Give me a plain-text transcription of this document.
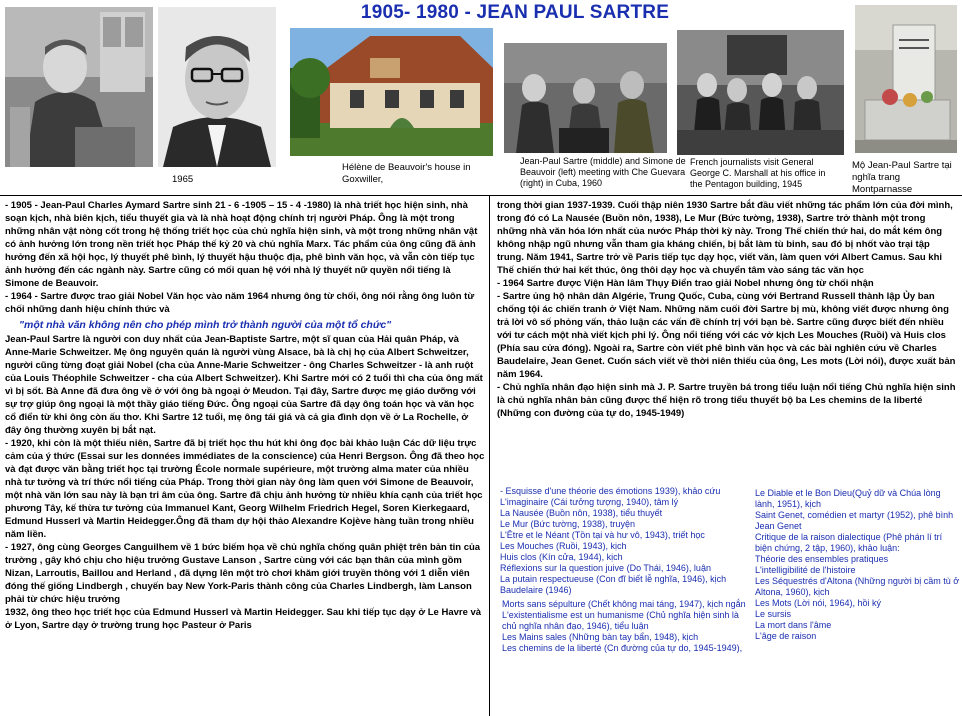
1905- 1980 - JEAN PAUL SARTRE
1965
Hélène de Beauvoir's house in Goxwiller,
Jean-Paul Sartre (middle) and Simone de Beauvoir (left) meeting with Che Guevara (right) in Cuba, 1960
French journalists visit General George C. Marshall at his office in the Pentagon building, 1945
Mộ Jean-Paul Sartre tại nghĩa trang Montparnasse

- 1905 - Jean-Paul Charles Aymard Sartre sinh 21 - 6 -1905 – 15 - 4 -1980) là nhà triết học hiện sinh, nhà soạn kịch, nhà biên kịch, tiểu thuyết gia và là nhà hoạt động chính trị người Pháp. Ông là một trong những nhân vật nòng cốt trong hệ thống triết học của chủ nghĩa hiện sinh, và một trong những nhân vật có ảnh hưởng lớn trong nền triết học Pháp thế kỷ 20 và chủ nghĩa Marx. Tác phẩm của ông cũng đã ảnh hưởng đến xã hội học, lý thuyết phê bình, lý thuyết hậu thuộc địa, phê bình văn học, và vẫn còn tiếp tục ảnh hưởng đến các ngành này. Sartre cũng có mối quan hệ với nhà lý thuyết nữ quyền nổi tiếng là Simone de Beauvoir.

- 1964 - Sartre được trao giải Nobel Văn học vào năm 1964 nhưng ông từ chối, ông nói rằng ông luôn từ chối những danh hiệu chính thức và

"một nhà văn không nên cho phép mình trở thành người của một tổ chức"

Jean-Paul Sartre là người con duy nhất của Jean-Baptiste Sartre, một sĩ quan của Hải quân Pháp, và Anne-Marie Schweitzer. Mẹ ông nguyên quán là người vùng Alsace, bà là chị họ của Albert Schweitzer, người cũng từng đoạt giải Nobel (cha của Anne-Marie Schweitzer - ông Charles Schweitzer - là anh ruột của Louis Théophile Schweitzer - cha của Albert Schweitzer). Khi Sartre mới có 2 tuổi thì cha của ông mất vì bị sốt. Bà Anne đã đưa ông về ở với ông bà ngoại ở Meudon. Tại đây, Sartre được mẹ giáo dưỡng với sự trợ giúp ông ngoại là một thầy giáo tiếng Đức. Ông ngoại của Sartre đã dạy ông toán học và văn học cổ điển từ khi ông còn ấu thơ. Khi Sartre 12 tuổi, mẹ ông tái giá và cả gia đình dọn về ở La Rochelle, ở đây ông thường xuyên bị bắt nạt.

- 1920, khi còn là một thiếu niên, Sartre đã bị triết học thu hút khi ông đọc bài khảo luận Các dữ liệu trực cảm của ý thức (Essai sur les données immédiates de la conscience) của Henri Bergson. Ông đã theo học và đạt được văn bằng triết học tại trường École normale supérieure, một trường alma mater của nhiều nhà tư tưởng và trí thức nổi tiếng của Pháp. Trong thời gian này ông làm quen với Simone de Beauvoir, một nhà văn lớn sau này là bạn tri âm của ông. Sartre đã chịu ảnh hưởng từ nhiều khía cạnh của triết học phương Tây, kế thừa tư tưởng của Immanuel Kant, Georg Wilhelm Friedrich Hegel, Soren Kierkegaard, Edmund Husserl và Martin Heidegger.Ông đã tham dự hội thảo Alexandre Kojève hàng tuần trong nhiều năm liền.

- 1927, ông cùng Georges Canguilhem về 1 bức biếm họa về chủ nghĩa chống quân phiệt trên bản tin của trường , gây khó chịu cho hiệu trưởng Gustave Lanson , Sartre cùng với các bạn thân của mình gồm Nizan, Larroutis, Baillou and Herland , đã dựng lên một trò chơi khăm giới truyền thông với 1 diễn viên đóng thế giống Lindbergh , chuyến bay New York-Paris thành công của Charles Lindbergh, làm Lanson phải từ chức hiệu trưởng

1932, ông theo học triết học của Edmund Husserl và Martin Heidegger. Sau khi tiếp tục dạy ở Le Havre và ở Lyon, Sartre dạy ở trường trung học Pasteur ở Paris

trong thời gian 1937-1939. Cuối thập niên 1930 Sartre bắt đầu viết những tác phẩm lớn của đời mình, trong đó có La Nausée (Buồn nôn, 1938), Le Mur (Bức tường, 1938), Sartre trở thành một trong những nhà văn hóa lớn nhất của nước Pháp thời kỳ này. Trong Thế chiến thứ hai, do mắt kém ông không nhập ngũ nhưng vẫn tham gia kháng chiến, bị bắt làm tù binh, sau đó bị nhốt vào trại tập trung. Năm 1941, Sartre trở về Paris tiếp tục dạy học, viết văn, làm quen với Albert Camus. Sau khi Thế chiến thứ hai kết thúc, ông thôi dạy học và chuyển tâm vào sáng tác văn học

- 1964 Sartre được Viện Hàn lâm Thụy Điển trao giải Nobel nhưng ông từ chối nhận

- Sartre ủng hộ nhân dân Algérie, Trung Quốc, Cuba, cùng với Bertrand Russell thành lập Ủy ban chống tội ác chiến tranh ở Việt Nam. Những năm cuối đời Sartre bị mù, không viết được nhưng ông trả lời vô số phỏng vấn, thảo luận các vấn đề chính trị với bạn bè. Sartre cũng được biết đến nhiều với tư cách một nhà viết kịch phi lý. Ông nổi tiếng với các vở kịch Les Mouches (Ruồi) và Huis clos (Phía sau cửa đóng). Ngoài ra, Sartre còn viết phê bình văn học và các bài nghiên cứu về Charles Baudelaire, Jean Genet. Cuốn sách viết về thời niên thiếu của ông, Les mots (Lời nói), được xuất bản năm 1964.

- Chủ nghĩa nhân đạo hiện sinh mà J. P. Sartre truyền bá trong tiểu luận nổi tiếng Chủ nghĩa hiện sinh là chủ nghĩa nhân bản cũng được thể hiện rõ trong tiểu thuyết bộ ba Les chemins de la liberté (Những con đường của tự do, 1945-1949)

- Esquisse d'une théorie des émotions 1939), khảo cứu
L'imaginaire (Cái tưởng tượng, 1940), tâm lý
La Nausée (Buồn nôn, 1938), tiểu thuyết
Le Mur (Bức tường, 1938), truyện
L'Être et le Néant (Tồn tại và hư vô, 1943), triết học
Les Mouches (Ruồi, 1943), kịch
Huis clos (Kín cửa, 1944), kịch
Réflexions sur la question juive (Do Thái, 1946), luận
La putain respectueuse (Con đĩ biết lễ nghĩa, 1946), kịch
Baudelaire (1946)
Morts sans sépulture (Chết không mai táng, 1947), kịch ngắn
L'existentialisme est un humanisme (Chủ nghĩa hiện sinh là chủ nghĩa nhân đạo, 1946), tiểu luận
Les Mains sales (Những bàn tay bẩn, 1948), kịch
Les chemins de la liberté (Cn đường của tự do, 1945-1949),
Le Diable et le Bon Dieu(Quỷ dữ và Chúa lòng lành, 1951), kịch
Saint Genet, comédien et martyr (1952), phê bình Jean Genet
Critique de la raison dialectique (Phê phán lí trí biện chứng, 2 tập, 1960), khảo luận:
Théorie des ensembles pratiques
L'intelligibilité de l'histoire
Les Séquestrés d'Altona (Những người bị cầm tù ở Altona, 1960), kịch
Les Mots (Lời nói, 1964), hồi ký
Le sursis
La mort dans l'âme
L'âge de raison
